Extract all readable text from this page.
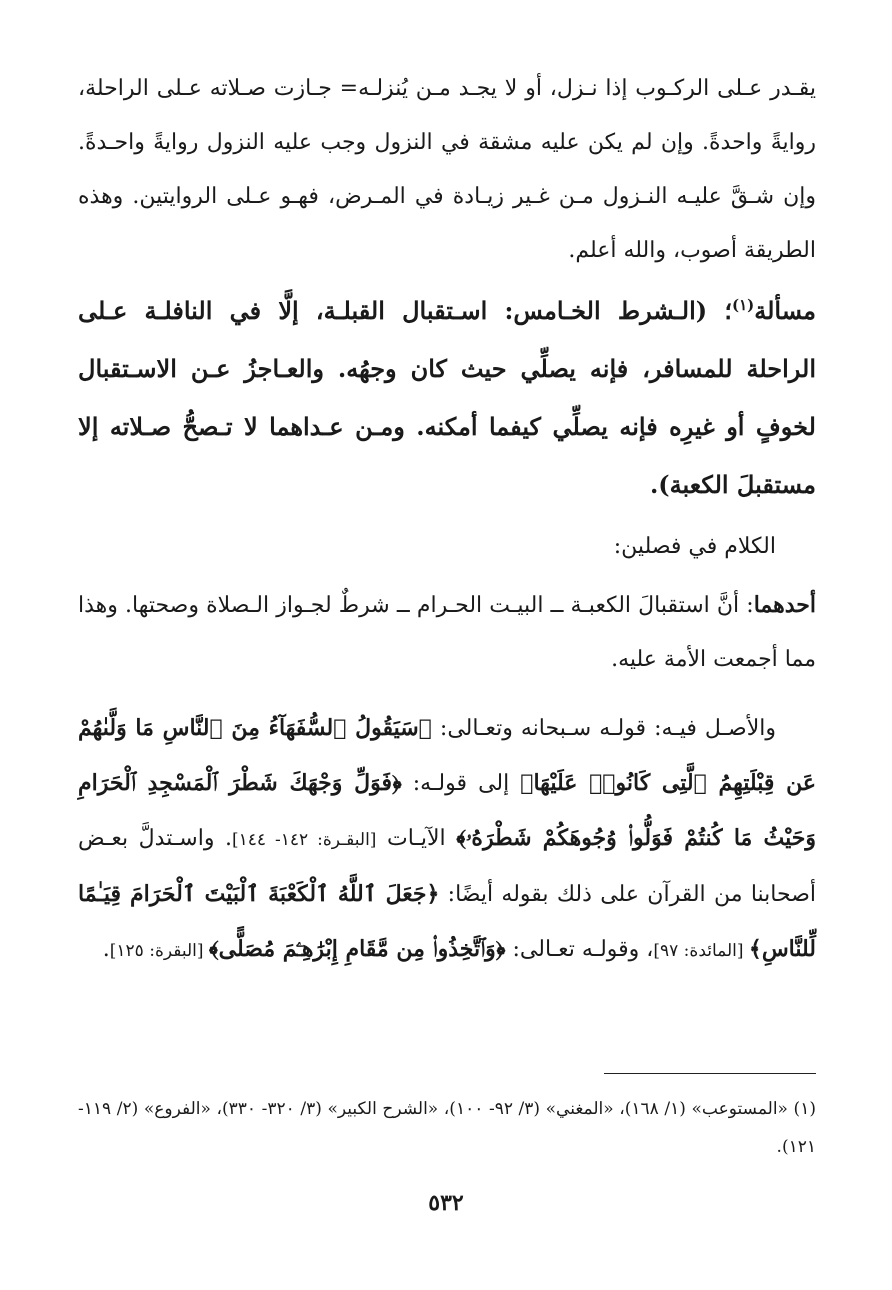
يقـدر عـلى الركـوب إذا نـزل، أو لا يجـد مـن يُنزلـه= جـازت صـلاته عـلى الراحلة، روايةً واحدةً. وإن لم يكن عليه مشقة في النزول وجب عليه النزول روايةً واحـدةً. وإن شـقَّ عليـه النـزول مـن غـير زيـادة في المـرض، فهـو عـلى الروايتين. وهذه الطريقة أصوب، والله أعلم.

مسألة$^{(١)}$؛ (الـشرط الخـامس: اسـتقبال القبلـة، إلَّا في النافلـة عـلى الراحلة للمسافر، فإنه يصلِّي حيث كان وجهُه. والعـاجزُ عـن الاسـتقبال لخوفٍ أو غيرِه فإنه يصلِّي كيفما أمكنه. ومـن عـداهما لا تـصحُّ صـلاته إلا مستقبلَ الكعبة).

الكلام في فصلين:

أحدهما: أنَّ استقبالَ الكعبـة ــ البيـت الحـرام ــ شرطٌ لجـواز الـصلاة وصحتها. وهذا مما أجمعت الأمة عليه.

والأصـل فيـه: قولـه سـبحانه وتعـالى: ﴿سَيَقُولُ ٱلسُّفَهَآءُ مِنَ ٱلنَّاسِ مَا وَلَّىٰهُمْ عَن قِبْلَتِهِمُ ٱلَّتِى كَانُوا۟ عَلَيْهَا﴾ إلى قولـه: ﴿فَوَلِّ وَجْهَكَ شَطْرَ ٱلْمَسْجِدِ ٱلْحَرَامِ وَحَيْثُ مَا كُنتُمْ فَوَلُّوا۟ وُجُوهَكُمْ شَطْرَهُۥ﴾ الآيـات [البقـرة: ١٤٢- ١٤٤]. واسـتدلَّ بعـض أصحابنا من القرآن على ذلك بقوله أيضًا: ﴿جَعَلَ ٱللَّهُ ٱلْكَعْبَةَ ٱلْبَيْتَ ٱلْحَرَامَ قِيَـٰمًا لِّلنَّاسِ﴾ [المائدة: ٩٧]، وقولـه تعـالى: ﴿وَٱتَّخِذُوا۟ مِن مَّقَامِ إِبْرَٰهِـۧمَ مُصَلًّى﴾ [البقرة: ١٢٥].

(١) «المستوعب» (١/ ١٦٨)، «المغني» (٣/ ٩٢- ١٠٠)، «الشرح الكبير» (٣/ ٣٢٠- ٣٣٠)، «الفروع» (٢/ ١١٩- ١٢١).

٥٣٢
